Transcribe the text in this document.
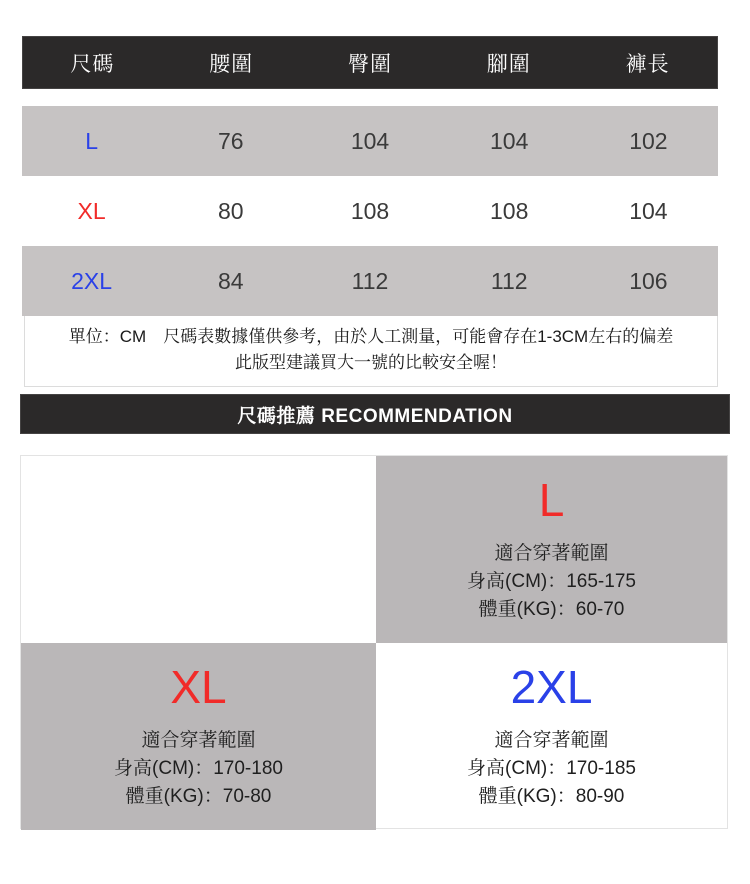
尺碼	腰圍	臀圍	腳圍	褲長
L	76	104	104	102
XL	80	108	108	104
2XL	84	112	112	106
單位：CM　尺碼表數據僅供參考，由於人工測量，可能會存在1-3CM左右的偏差
此版型建議買大一號的比較安全喔！
尺碼推薦 RECOMMENDATION
L
適合穿著範圍
身高(CM)：165-175
體重(KG)：60-70
XL
適合穿著範圍
身高(CM)：170-180
體重(KG)：70-80
2XL
適合穿著範圍
身高(CM)：170-185
體重(KG)：80-90
